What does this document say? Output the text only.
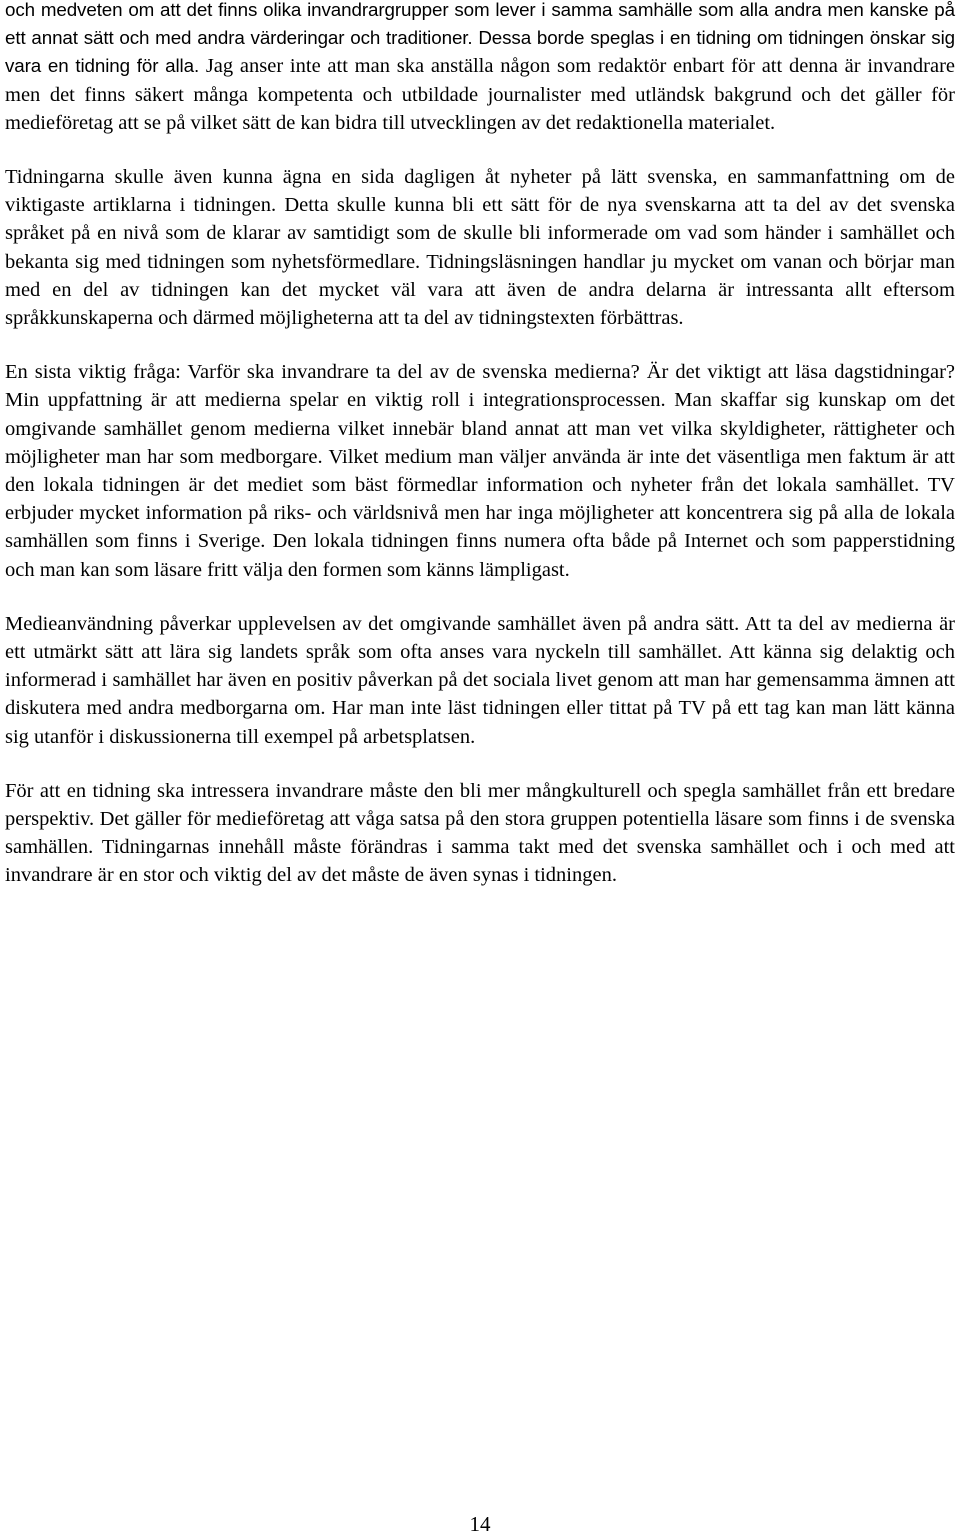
och medveten om att det finns olika invandrargrupper som lever i samma samhälle som alla andra men kanske på ett annat sätt och med andra värderingar och traditioner. Dessa borde speglas i en tidning om tidningen önskar sig vara en tidning för alla. Jag anser inte att man ska anställa någon som redaktör enbart för att denna är invandrare men det finns säkert många kompetenta och utbildade journalister med utländsk bakgrund och det gäller för medieföretag att se på vilket sätt de kan bidra till utvecklingen av det redaktionella materialet.

Tidningarna skulle även kunna ägna en sida dagligen åt nyheter på lätt svenska, en sammanfattning om de viktigaste artiklarna i tidningen. Detta skulle kunna bli ett sätt för de nya svenskarna att ta del av det svenska språket på en nivå som de klarar av samtidigt som de skulle bli informerade om vad som händer i samhället och bekanta sig med tidningen som nyhetsförmedlare. Tidningsläsningen handlar ju mycket om vanan och börjar man med en del av tidningen kan det mycket väl vara att även de andra delarna är intressanta allt eftersom språkkunskaperna och därmed möjligheterna att ta del av tidningstexten förbättras.

En sista viktig fråga: Varför ska invandrare ta del av de svenska medierna? Är det viktigt att läsa dagstidningar? Min uppfattning är att medierna spelar en viktig roll i integrationsprocessen. Man skaffar sig kunskap om det omgivande samhället genom medierna vilket innebär bland annat att man vet vilka skyldigheter, rättigheter och möjligheter man har som medborgare. Vilket medium man väljer använda är inte det väsentliga men faktum är att den lokala tidningen är det mediet som bäst förmedlar information och nyheter från det lokala samhället. TV erbjuder mycket information på riks- och världsnivå men har inga möjligheter att koncentrera sig på alla de lokala samhällen som finns i Sverige. Den lokala tidningen finns numera ofta både på Internet och som papperstidning och man kan som läsare fritt välja den formen som känns lämpligast.

Medieanvändning påverkar upplevelsen av det omgivande samhället även på andra sätt. Att ta del av medierna är ett utmärkt sätt att lära sig landets språk som ofta anses vara nyckeln till samhället. Att känna sig delaktig och informerad i samhället har även en positiv påverkan på det sociala livet genom att man har gemensamma ämnen att diskutera med andra medborgarna om. Har man inte läst tidningen eller tittat på TV på ett tag kan man lätt känna sig utanför i diskussionerna till exempel på arbetsplatsen.

För att en tidning ska intressera invandrare måste den bli mer mångkulturell och spegla samhället från ett bredare perspektiv. Det gäller för medieföretag att våga satsa på den stora gruppen potentiella läsare som finns i de svenska samhällen. Tidningarnas innehåll måste förändras i samma takt med det svenska samhället och i och med att invandrare är en stor och viktig del av det måste de även synas i tidningen.

14
